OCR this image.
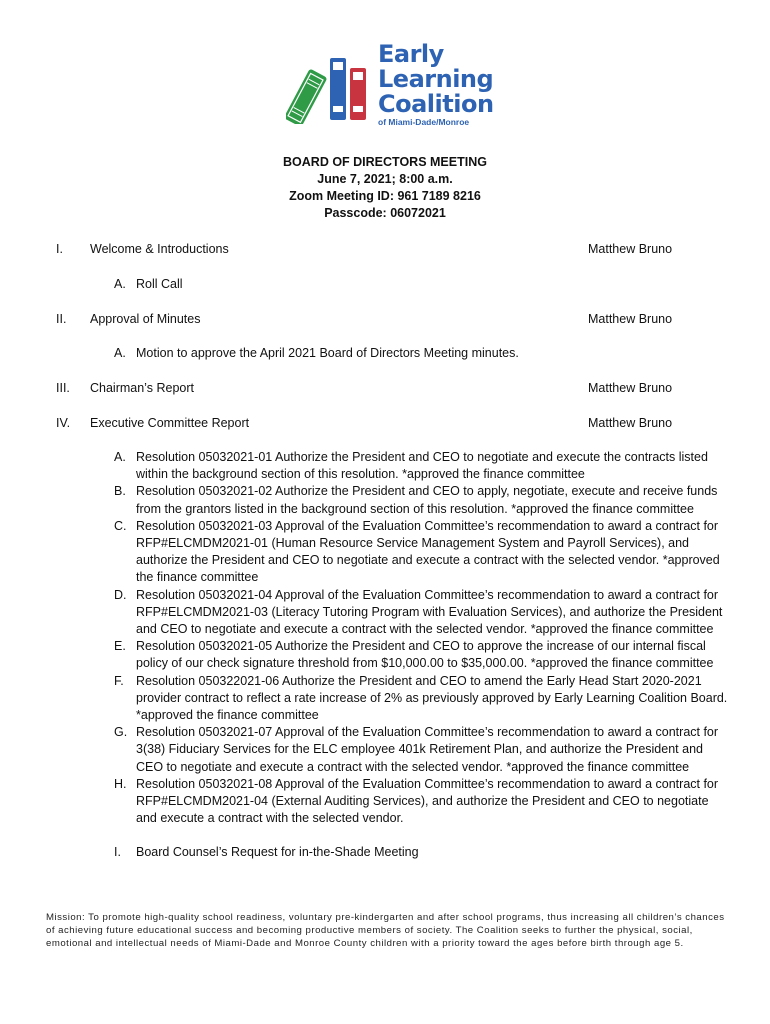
Early
Learning
Coalition
of Miami-Dade/Monroe
BOARD OF DIRECTORS MEETING
June 7, 2021; 8:00 a.m.
Zoom Meeting ID: 961 7189 8216
Passcode: 06072021
I. Welcome & Introductions	Matthew Bruno
A. Roll Call
II. Approval of Minutes	Matthew Bruno
A. Motion to approve the April 2021 Board of Directors Meeting minutes.
III. Chairman’s Report	Matthew Bruno
IV. Executive Committee Report	Matthew Bruno
A. Resolution 05032021-01 Authorize the President and CEO to negotiate and execute the contracts listed within the background section of this resolution. *approved the finance committee
B. Resolution 05032021-02 Authorize the President and CEO to apply, negotiate, execute and receive funds from the grantors listed in the background section of this resolution. *approved the finance committee
C. Resolution 05032021-03 Approval of the Evaluation Committee’s recommendation to award a contract for RFP#ELCMDM2021-01 (Human Resource Service Management System and Payroll Services), and authorize the President and CEO to negotiate and execute a contract with the selected vendor. *approved the finance committee
D. Resolution 05032021-04 Approval of the Evaluation Committee’s recommendation to award a contract for RFP#ELCMDM2021-03 (Literacy Tutoring Program with Evaluation Services), and authorize the President and CEO to negotiate and execute a contract with the selected vendor. *approved the finance committee
E. Resolution 05032021-05 Authorize the President and CEO to approve the increase of our internal fiscal policy of our check signature threshold from $10,000.00 to $35,000.00. *approved the finance committee
F. Resolution 050322021-06 Authorize the President and CEO to amend the Early Head Start 2020-2021 provider contract to reflect a rate increase of 2% as previously approved by Early Learning Coalition Board. *approved the finance committee
G. Resolution 05032021-07 Approval of the Evaluation Committee’s recommendation to award a contract for 3(38) Fiduciary Services for the ELC employee 401k Retirement Plan, and authorize the President and CEO to negotiate and execute a contract with the selected vendor. *approved the finance committee
H. Resolution 05032021-08 Approval of the Evaluation Committee’s recommendation to award a contract for RFP#ELCMDM2021-04 (External Auditing Services), and authorize the President and CEO to negotiate and execute a contract with the selected vendor.
I. Board Counsel’s Request for in-the-Shade Meeting
Mission: To promote high-quality school readiness, voluntary pre-kindergarten and after school programs, thus increasing all children’s chances of achieving future educational success and becoming productive members of society. The Coalition seeks to further the physical, social, emotional and intellectual needs of Miami-Dade and Monroe County children with a priority toward the ages before birth through age 5.
